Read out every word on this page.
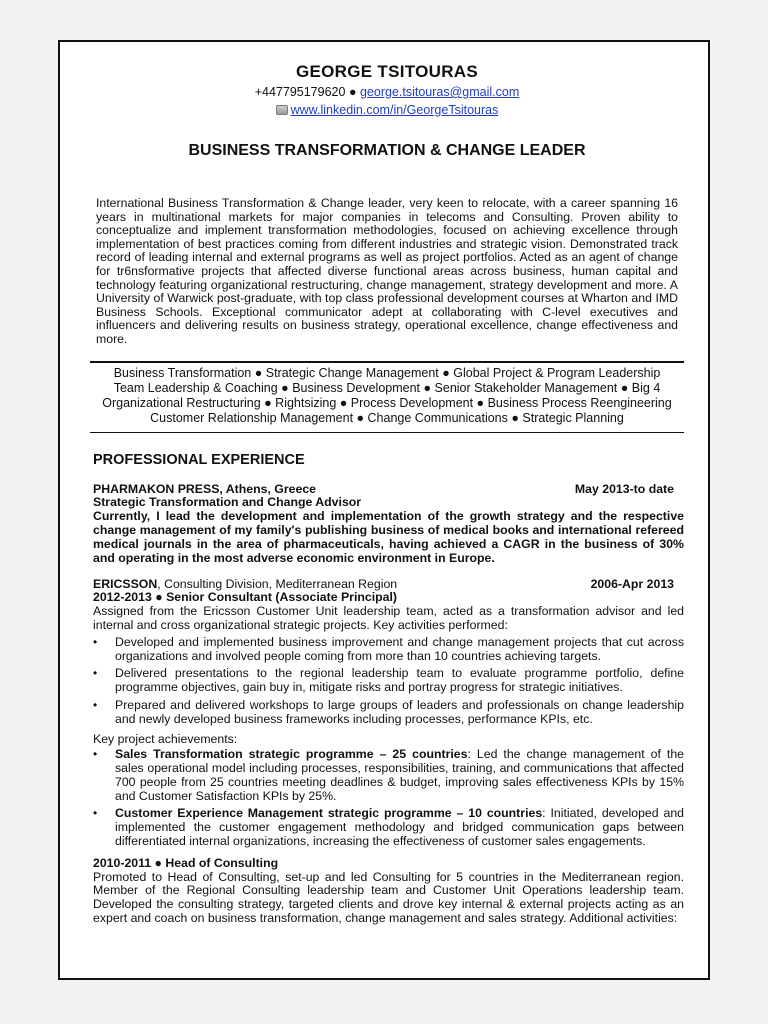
GEORGE TSITOURAS
+447795179620 ● george.tsitouras@gmail.com
www.linkedin.com/in/GeorgeTsitouras
BUSINESS TRANSFORMATION & CHANGE LEADER
International Business Transformation & Change leader, very keen to relocate, with a career spanning 16 years in multinational markets for major companies in telecoms and Consulting. Proven ability to conceptualize and implement transformation methodologies, focused on achieving excellence through implementation of best practices coming from different industries and strategic vision. Demonstrated track record of leading internal and external programs as well as project portfolios. Acted as an agent of change for tr6nsformative projects that affected diverse functional areas across business, human capital and technology featuring organizational restructuring, change management, strategy development and more. A University of Warwick post-graduate, with top class professional development courses at Wharton and IMD Business Schools. Exceptional communicator adept at collaborating with C-level executives and influencers and delivering results on business strategy, operational excellence, change effectiveness and more.
Business Transformation ● Strategic Change Management ● Global Project & Program Leadership
Team Leadership & Coaching ● Business Development ● Senior Stakeholder Management ● Big 4
Organizational Restructuring ● Rightsizing ● Process Development ● Business Process Reengineering
Customer Relationship Management ● Change Communications ● Strategic Planning
PROFESSIONAL EXPERIENCE
PHARMAKON PRESS, Athens, Greece	May 2013-to date
Strategic Transformation and Change Advisor
Currently, I lead the development and implementation of the growth strategy and the respective change management of my family's publishing business of medical books and international refereed medical journals in the area of pharmaceuticals, having achieved a CAGR in the business of 30% and operating in the most adverse economic environment in Europe.
ERICSSON, Consulting Division, Mediterranean Region	2006-Apr 2013
2012-2013 ● Senior Consultant (Associate Principal)
Assigned from the Ericsson Customer Unit leadership team, acted as a transformation advisor and led internal and cross organizational strategic projects. Key activities performed:
• Developed and implemented business improvement and change management projects that cut across organizations and involved people coming from more than 10 countries achieving targets.
• Delivered presentations to the regional leadership team to evaluate programme portfolio, define programme objectives, gain buy in, mitigate risks and portray progress for strategic initiatives.
• Prepared and delivered workshops to large groups of leaders and professionals on change leadership and newly developed business frameworks including processes, performance KPIs, etc.
Key project achievements:
• Sales Transformation strategic programme – 25 countries: Led the change management of the sales operational model including processes, responsibilities, training, and communications that affected 700 people from 25 countries meeting deadlines & budget, improving sales effectiveness KPIs by 15% and Customer Satisfaction KPIs by 25%.
• Customer Experience Management strategic programme – 10 countries: Initiated, developed and implemented the customer engagement methodology and bridged communication gaps between differentiated internal organizations, increasing the effectiveness of customer sales engagements.
2010-2011 ● Head of Consulting
Promoted to Head of Consulting, set-up and led Consulting for 5 countries in the Mediterranean region. Member of the Regional Consulting leadership team and Customer Unit Operations leadership team. Developed the consulting strategy, targeted clients and drove key internal & external projects acting as an expert and coach on business transformation, change management and sales strategy. Additional activities:
